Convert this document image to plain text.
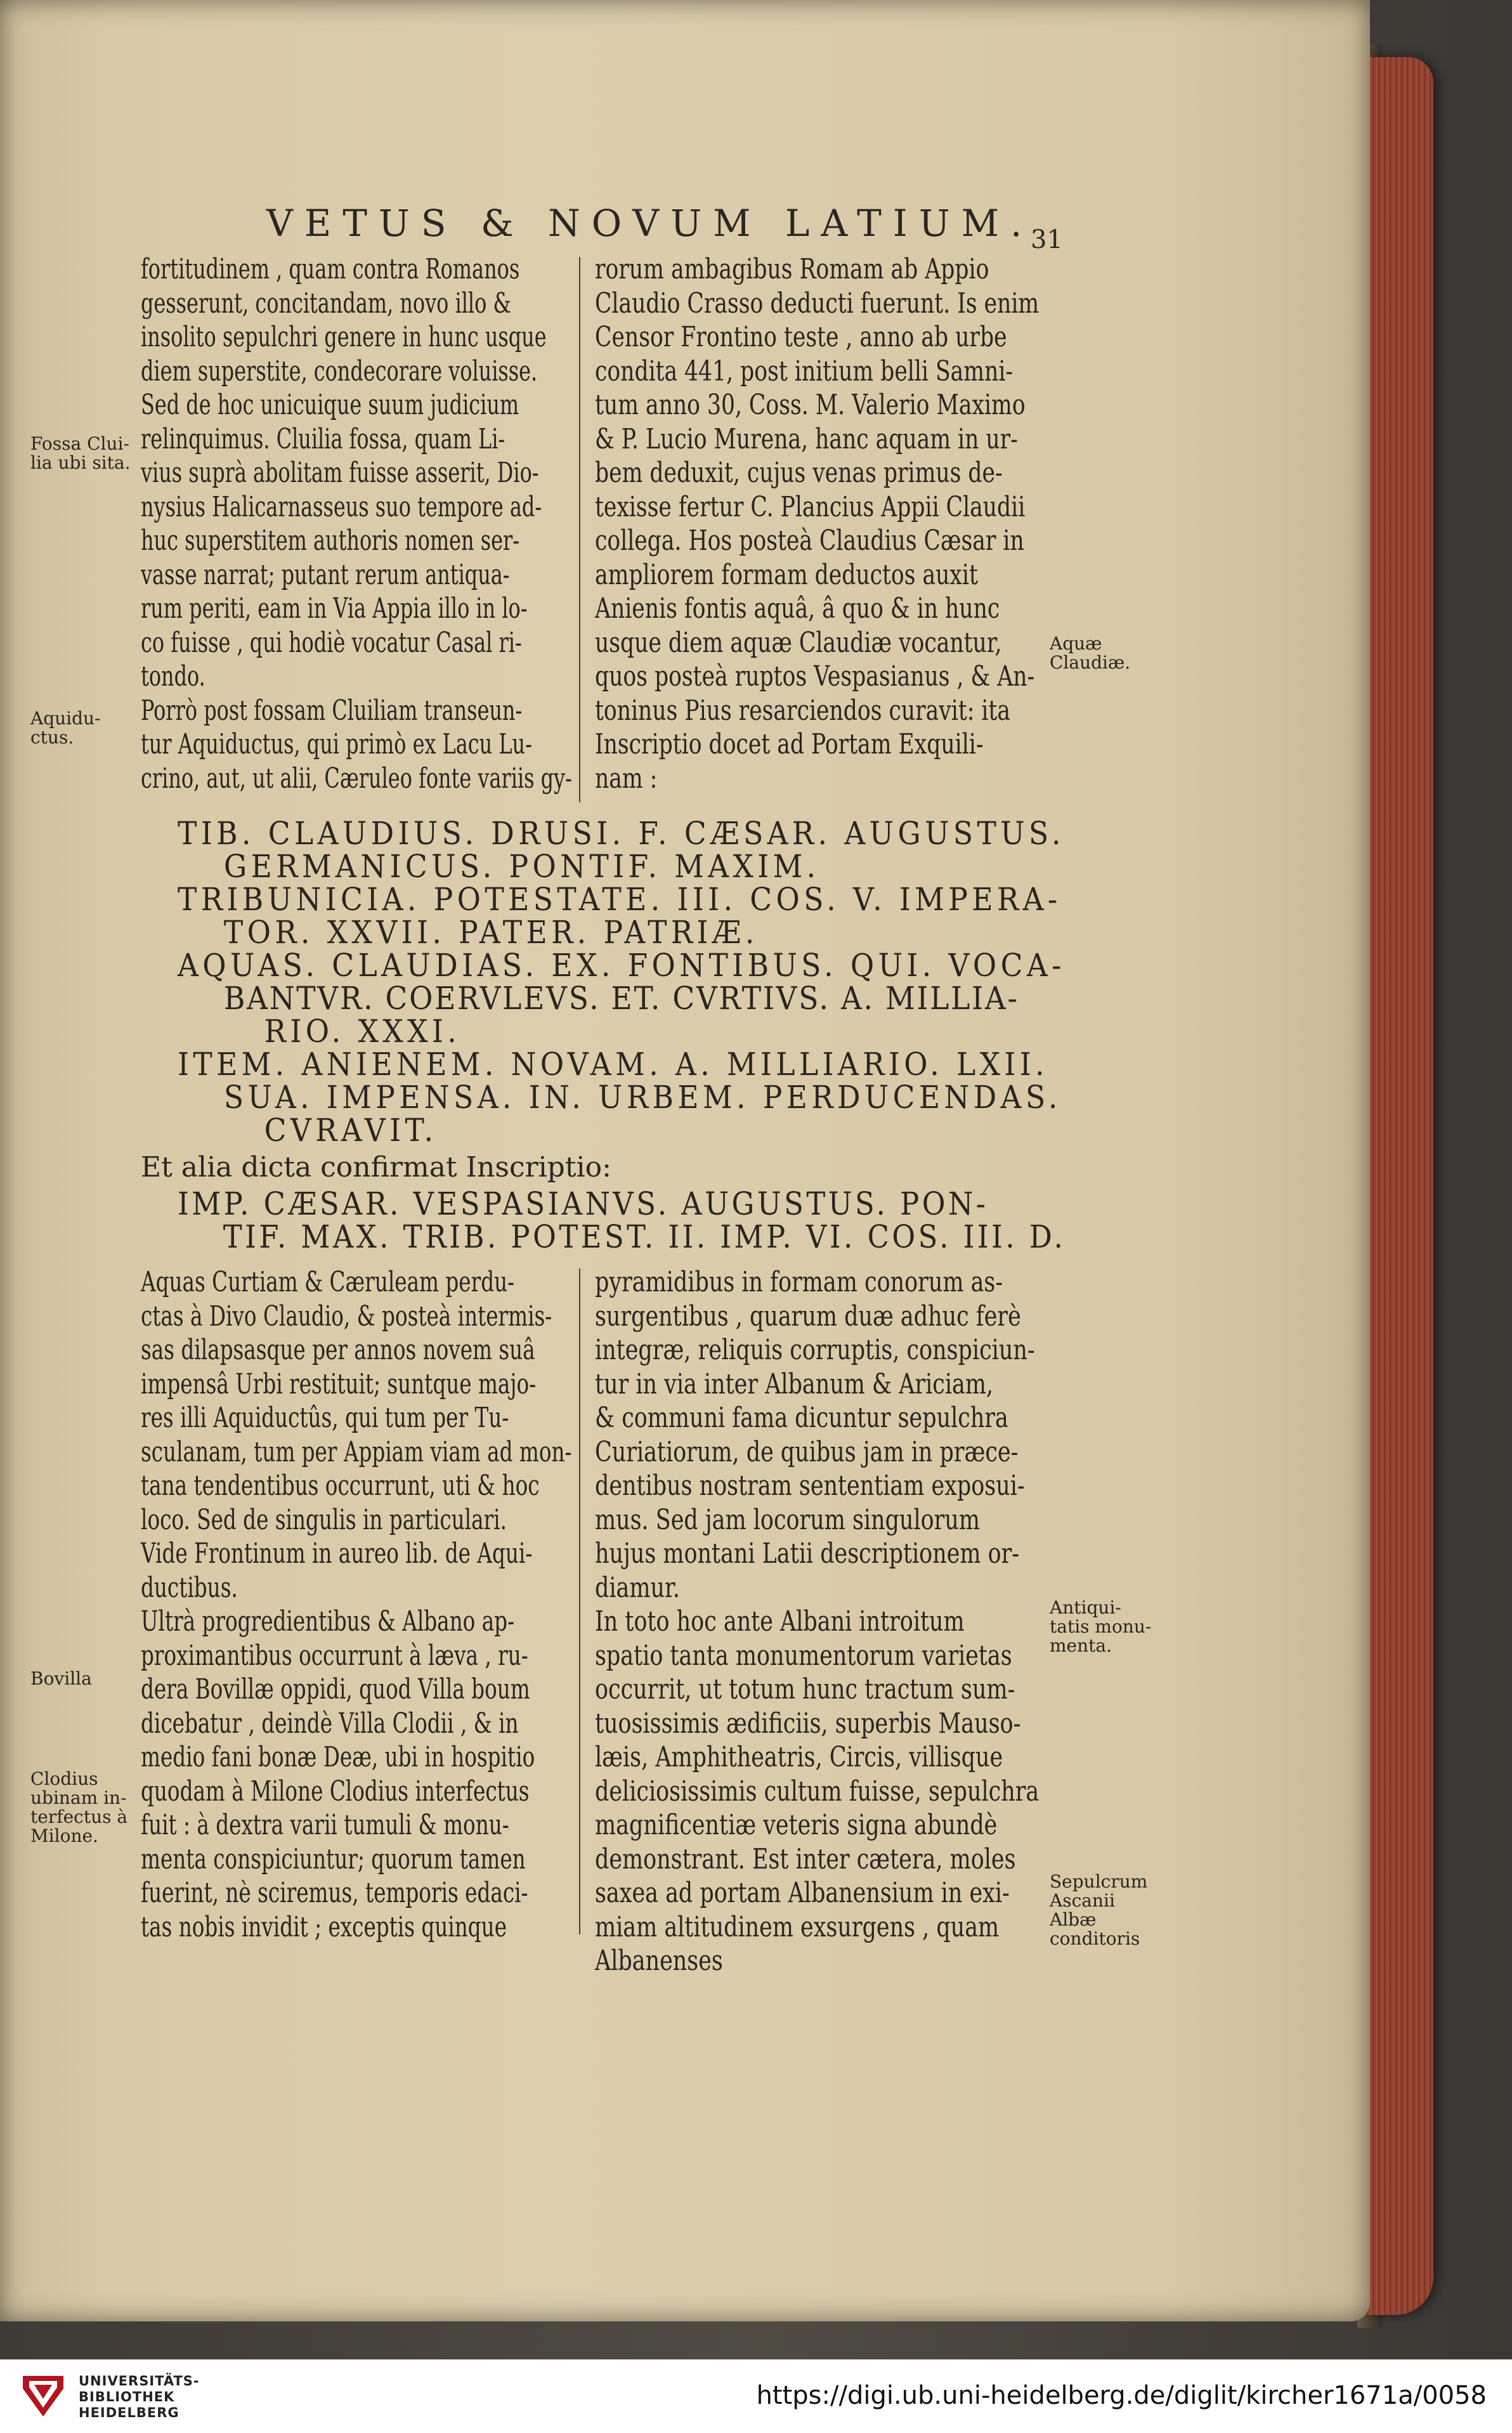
VETUS & NOVUM LATIUM.
31
fortitudinem , quam contra Romanos
gesserunt, concitandam, novo illo &
insolito sepulchri genere in hunc usque
diem superstite, condecorare voluisse.
Sed de hoc unicuique suum judicium
relinquimus. Cluilia fossa, quam Li-
vius suprà abolitam fuisse asserit, Dio-
nysius Halicarnasseus suo tempore ad-
huc superstitem authoris nomen ser-
vasse narrat; putant rerum antiqua-
rum periti, eam in Via Appia illo in lo-
co fuisse , qui hodiè vocatur Casal ri-
tondo.
Porrò post fossam Cluiliam transeun-
tur Aquiductus, qui primò ex Lacu Lu-
crino, aut, ut alii, Cæruleo fonte variis gy-
rorum ambagibus Romam ab Appio
Claudio Crasso deducti fuerunt. Is enim
Censor Frontino teste , anno ab urbe
condita 441, post initium belli Samni-
tum anno 30, Coss. M. Valerio Maximo
& P. Lucio Murena, hanc aquam in ur-
bem deduxit, cujus venas primus de-
texisse fertur C. Plancius Appii Claudii
collega. Hos posteà Claudius Cæsar in
ampliorem formam deductos auxit
Anienis fontis aquâ, â quo & in hunc
usque diem aquæ Claudiæ vocantur,
quos posteà ruptos Vespasianus , & An-
toninus Pius resarciendos curavit: ita
Inscriptio docet ad Portam Exquili-
nam :
Fossa Clui-
lia ubi sita.
Aquidu-
ctus.
Aquæ
Claudiæ.
TIB. CLAUDIUS. DRUSI. F. CÆSAR. AUGUSTUS.
GERMANICUS. PONTIF. MAXIM.
TRIBUNICIA. POTESTATE. III. COS. V. IMPERA-
TOR. XXVII. PATER. PATRIÆ.
AQUAS. CLAUDIAS. EX. FONTIBUS. QUI. VOCA-
BANTVR. COERVLEVS. ET. CVRTIVS. A. MILLIA-
RIO. XXXI.
ITEM. ANIENEM. NOVAM. A. MILLIARIO. LXII.
SUA. IMPENSA. IN. URBEM. PERDUCENDAS.
CVRAVIT.
Et alia dicta confirmat Inscriptio:
IMP. CÆSAR. VESPASIANVS. AUGUSTUS. PON-
TIF. MAX. TRIB. POTEST. II. IMP. VI. COS. III. D.
Aquas Curtiam & Cæruleam perdu-
ctas à Divo Claudio, & posteà intermis-
sas dilapsasque per annos novem suâ
impensâ Urbi restituit; suntque majo-
res illi Aquiductûs, qui tum per Tu-
sculanam, tum per Appiam viam ad mon-
tana tendentibus occurrunt, uti & hoc
loco. Sed de singulis in particulari.
Vide Frontinum in aureo lib. de Aqui-
ductibus.
Ultrà progredientibus & Albano ap-
proximantibus occurrunt à læva , ru-
dera Bovillæ oppidi, quod Villa boum
dicebatur , deindè Villa Clodii , & in
medio fani bonæ Deæ, ubi in hospitio
quodam à Milone Clodius interfectus
fuit : à dextra varii tumuli & monu-
menta conspiciuntur; quorum tamen
fuerint, nè sciremus, temporis edaci-
tas nobis invidit ; exceptis quinque
pyramidibus in formam conorum as-
surgentibus , quarum duæ adhuc ferè
integræ, reliquis corruptis, conspiciun-
tur in via inter Albanum & Ariciam,
& communi fama dicuntur sepulchra
Curiatiorum, de quibus jam in præce-
dentibus nostram sententiam exposui-
mus. Sed jam locorum singulorum
hujus montani Latii descriptionem or-
diamur.
In toto hoc ante Albani introitum
spatio tanta monumentorum varietas
occurrit, ut totum hunc tractum sum-
tuosissimis ædificiis, superbis Mauso-
læis, Amphitheatris, Circis, villisque
deliciosissimis cultum fuisse, sepulchra
magnificentiæ veteris signa abundè
demonstrant. Est inter cætera, moles
saxea ad portam Albanensium in exi-
miam altitudinem exsurgens , quam
Albanenses
Bovilla
Clodius
ubinam in-
terfectus à
Milone.
Antiqui-
tatis monu-
menta.
Sepulcrum
Ascanii
Albæ
conditoris
UNIVERSITÄTS-
BIBLIOTHEK
HEIDELBERG
https://digi.ub.uni-heidelberg.de/diglit/kircher1671a/0058
